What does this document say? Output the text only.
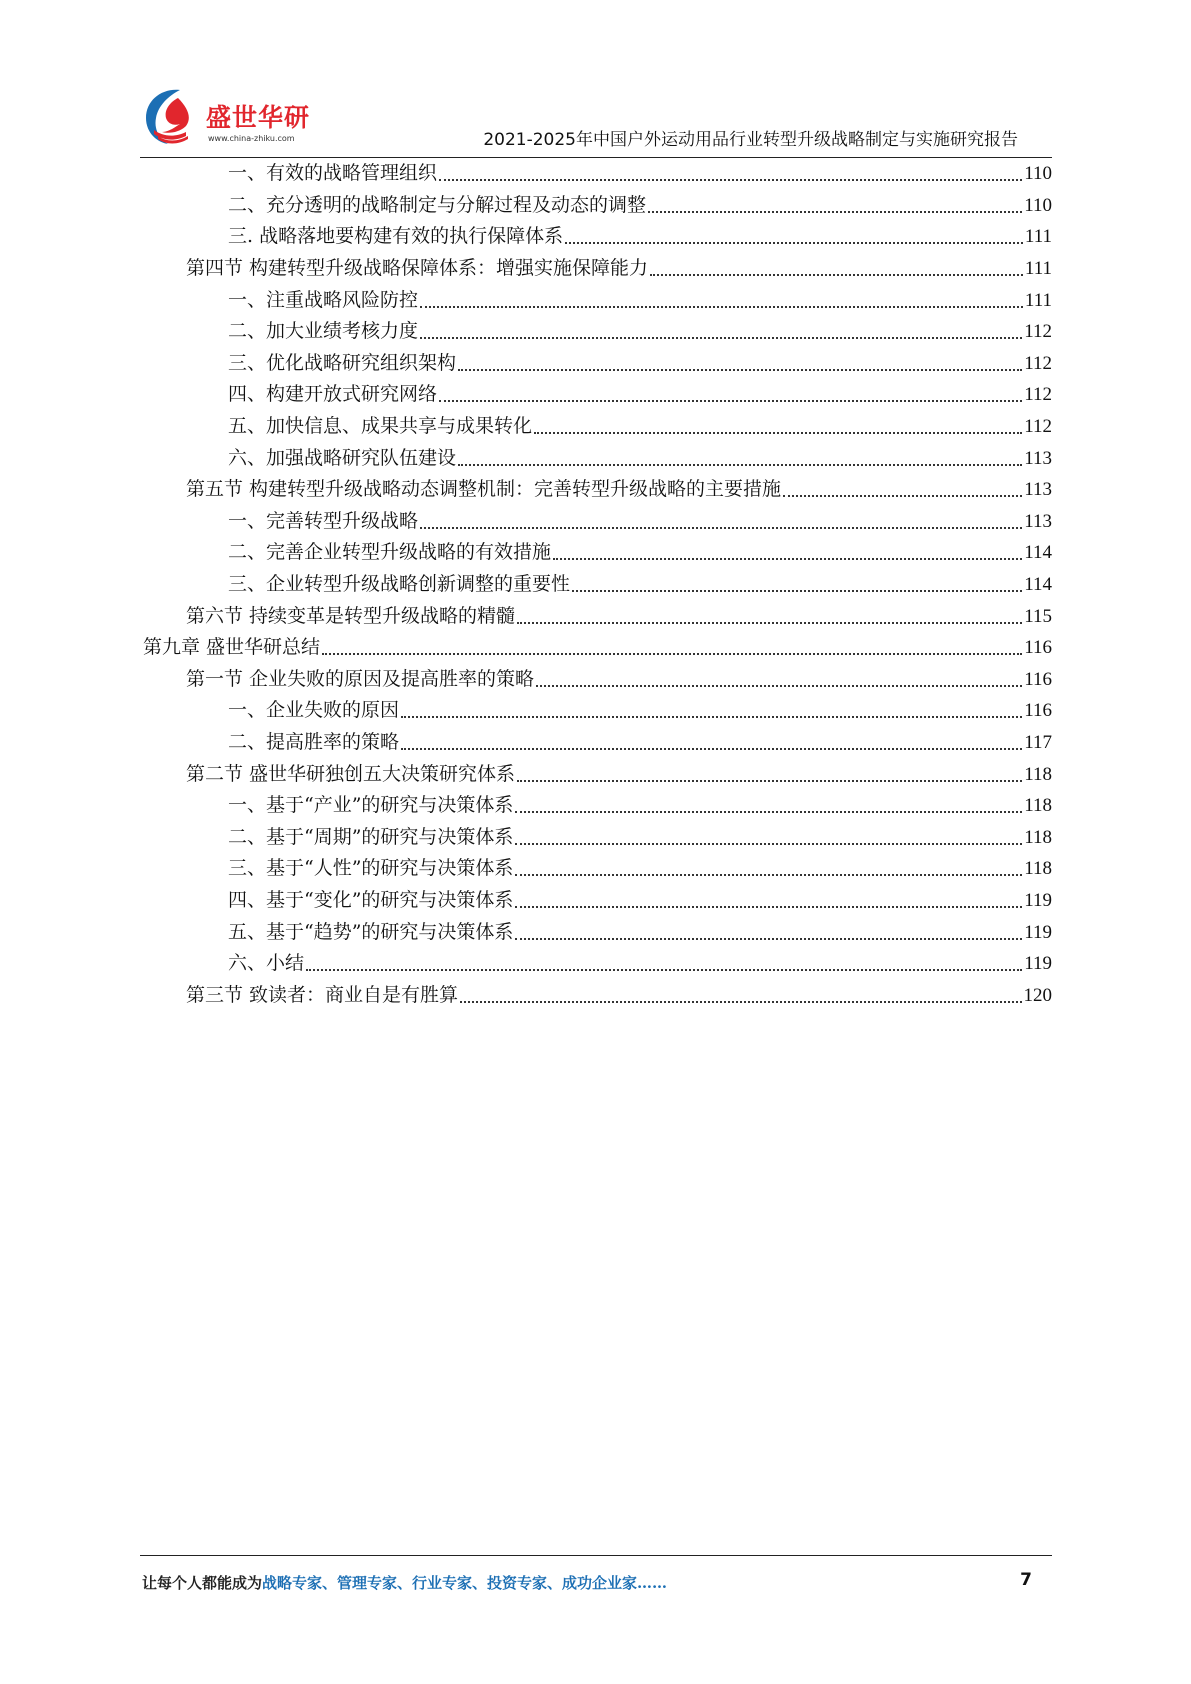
盛世华研
www.china-zhiku.com	2021-2025年中国户外运动用品行业转型升级战略制定与实施研究报告
一、有效的战略管理组织	110
二、充分透明的战略制定与分解过程及动态的调整	110
三. 战略落地要构建有效的执行保障体系	111
第四节 构建转型升级战略保障体系：增强实施保障能力	111
一、注重战略风险防控	111
二、加大业绩考核力度	112
三、优化战略研究组织架构	112
四、构建开放式研究网络	112
五、加快信息、成果共享与成果转化	112
六、加强战略研究队伍建设	113
第五节 构建转型升级战略动态调整机制：完善转型升级战略的主要措施	113
一、完善转型升级战略	113
二、完善企业转型升级战略的有效措施	114
三、企业转型升级战略创新调整的重要性	114
第六节 持续变革是转型升级战略的精髓	115
第九章 盛世华研总结	116
第一节 企业失败的原因及提高胜率的策略	116
一、企业失败的原因	116
二、提高胜率的策略	117
第二节 盛世华研独创五大决策研究体系	118
一、基于“产业”的研究与决策体系	118
二、基于“周期”的研究与决策体系	118
三、基于“人性”的研究与决策体系	118
四、基于“变化”的研究与决策体系	119
五、基于“趋势”的研究与决策体系	119
六、小结	119
第三节 致读者：商业自是有胜算	120
让每个人都能成为战略专家、管理专家、行业专家、投资专家、成功企业家……	7
